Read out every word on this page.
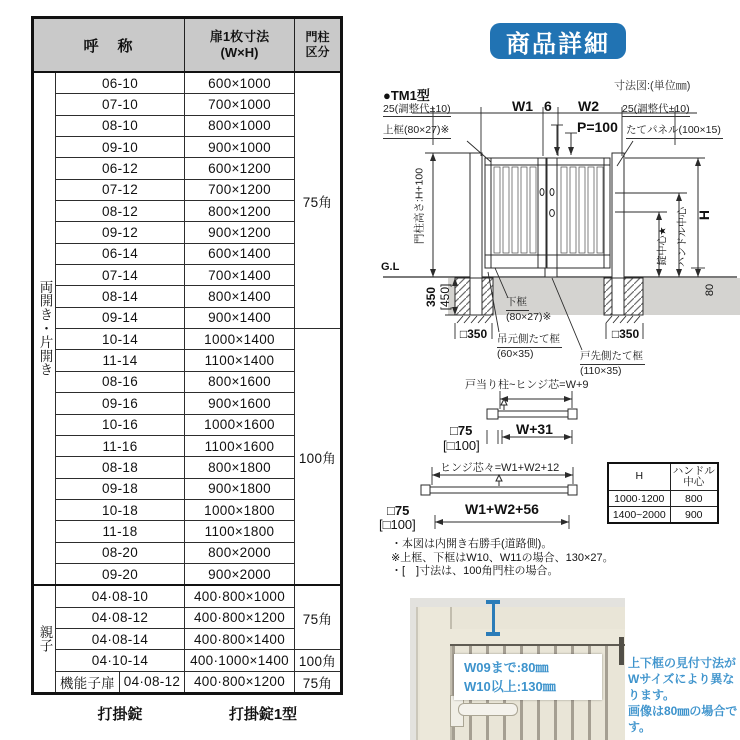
呼　称	
扉1枚寸法
(W×H)

門柱
区分

両開き・片開き	06-10		600×1000	75角
	07-10		700×1000	
	08-10		800×1000	
	09-10		900×1000	
	06-12		600×1200	
	07-12		700×1200	
	08-12		800×1200	
	09-12		900×1200	
	06-14		600×1400	
	07-14		700×1400	
	08-14		800×1400	
	09-14		900×1400	
	10-14		1000×1400	100角
	11-14		1100×1400	
	08-16		800×1600	
	09-16		900×1600	
	10-16		1000×1600	
	11-16		1100×1600	
	08-18		800×1800	
	09-18		900×1800	
	10-18		1000×1800	
	11-18		1100×1800	
	08-20		800×2000	
	09-20		900×2000	
親子	04·08-10		400·800×1000	75角
	04·08-12		400·800×1200	
	04·08-14		400·800×1400	
	04·10-14		400·1000×1400	100角
	機能子扉	04·08-12	400·800×1200	75角
打掛錠	打掛錠1型
商品詳細
寸法図:(単位㎜)
●TM1型
25(調整代±10)	W1 6 W2 25(調整代±10)
P=100
上框(80×27)※	たてパネル(100×15)
門柱高さ:H+100
G.L
350 [450]
□350	□350
下框
(80×27)※
吊元側たて框
(60×35)	戸先側たて框
(110×35)
錠中心★ ハンドル中心 H
80
戸当り柱~ヒンジ芯=W+9
□75	W+31
[□100]
ヒンジ芯々=W1+W2+12
□75	W1+W2+56
[□100]
H	ハンドル
中心

1000·1200	800
1400~2000	900
・本図は内開き右勝手(道路側)。
※上框、下框はW10、W11の場合、130×27。
・[　]寸法は、100角門柱の場合。
W09まで:80㎜
W10以上:130㎜
上下框の見付寸法が
Wサイズにより異なります。
画像は80㎜の場合です。
